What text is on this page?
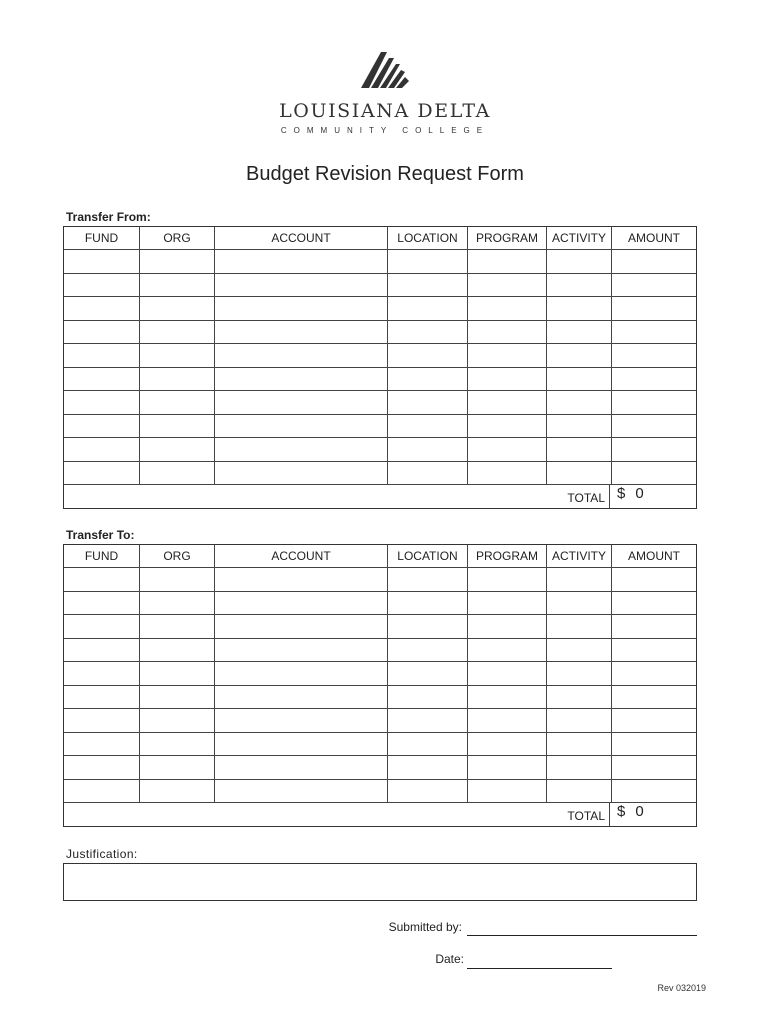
LOUISIANA DELTA
COMMUNITY COLLEGE
Budget Revision Request Form
Transfer From:
FUND	ORG	ACCOUNT	LOCATION	PROGRAM	ACTIVITY	AMOUNT
TOTAL $ 0
Transfer To:
FUND	ORG	ACCOUNT	LOCATION	PROGRAM	ACTIVITY	AMOUNT
TOTAL $ 0
Justification:
Submitted by:
Date:
Rev 032019
